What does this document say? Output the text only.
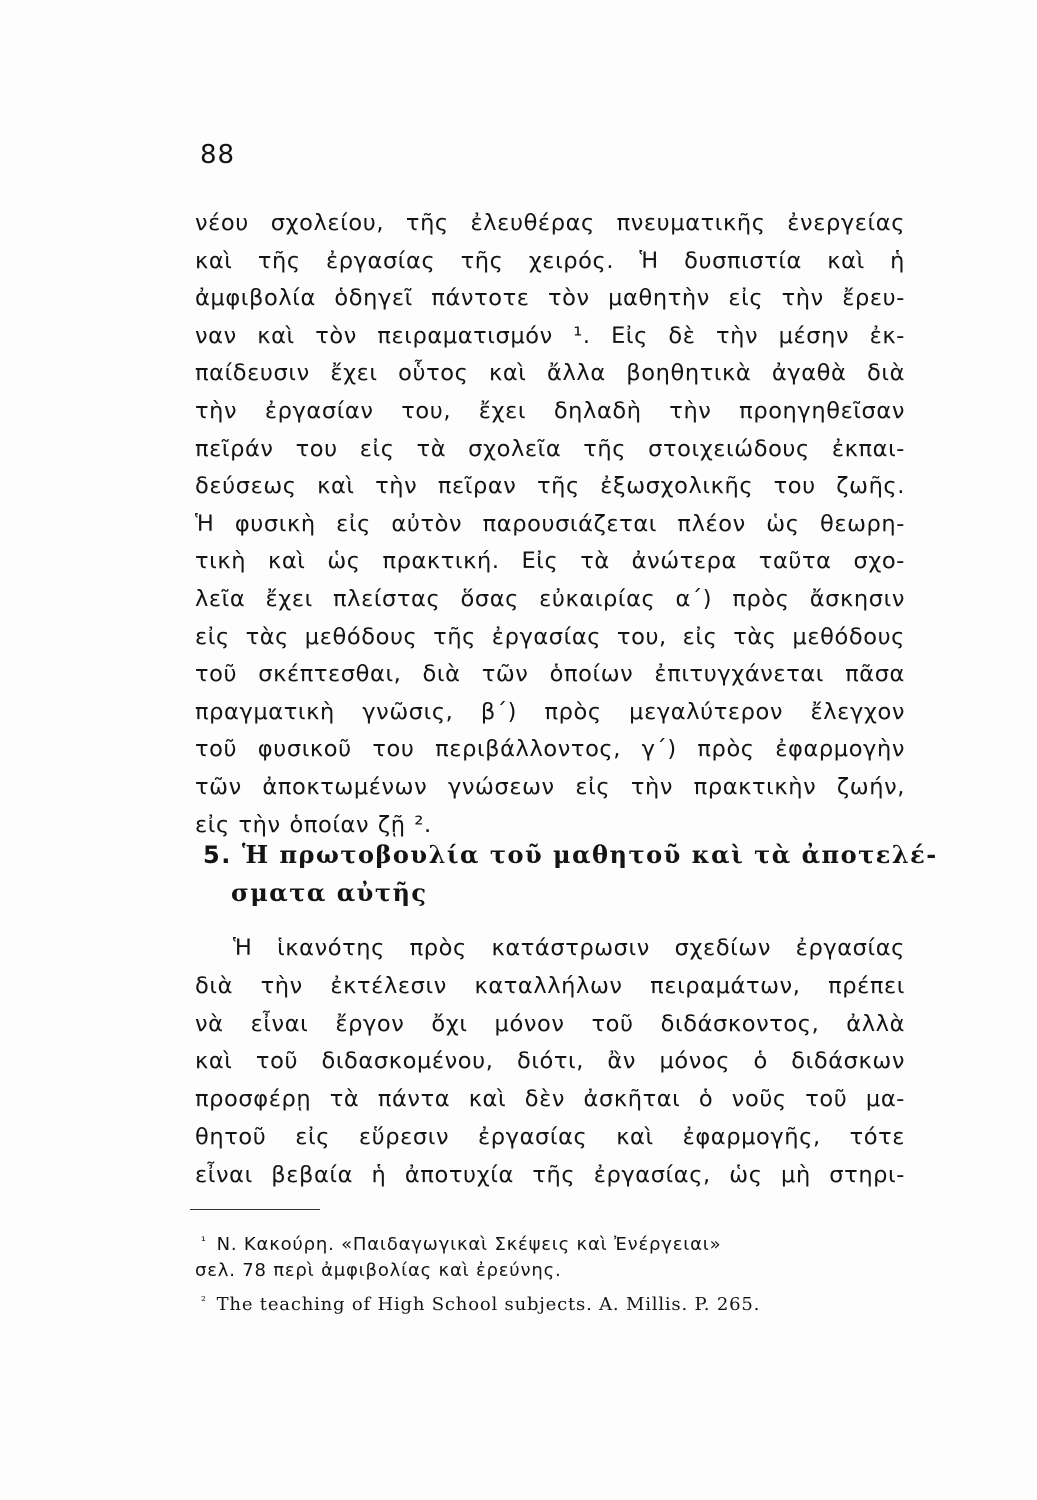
88
νέου σχολείου, τῆς ἐλευθέρας πνευματικῆς ἐνεργείας
καὶ τῆς ἐργασίας τῆς χειρός. Ἡ δυσπιστία καὶ ἡ
ἀμφιβολία ὁδηγεῖ πάντοτε τὸν μαθητὴν εἰς τὴν ἔρευ-
ναν καὶ τὸν πειραματισμόν ¹. Εἰς δὲ τὴν μέσην ἐκ-
παίδευσιν ἔχει οὗτος καὶ ἄλλα βοηθητικὰ ἀγαθὰ διὰ
τὴν ἐργασίαν του, ἔχει δηλαδὴ τὴν προηγηθεῖσαν
πεῖράν του εἰς τὰ σχολεῖα τῆς στοιχειώδους ἐκπαι-
δεύσεως καὶ τὴν πεῖραν τῆς ἐξωσχολικῆς του ζωῆς.
Ἡ φυσικὴ εἰς αὐτὸν παρουσιάζεται πλέον ὡς θεωρη-
τικὴ καὶ ὡς πρακτική. Εἰς τὰ ἀνώτερα ταῦτα σχο-
λεῖα ἔχει πλείστας ὅσας εὐκαιρίας α΄) πρὸς ἄσκησιν
εἰς τὰς μεθόδους τῆς ἐργασίας του, εἰς τὰς μεθόδους
τοῦ σκέπτεσθαι, διὰ τῶν ὁποίων ἐπιτυγχάνεται πᾶσα
πραγματικὴ γνῶσις, β΄) πρὸς μεγαλύτερον ἔλεγχον
τοῦ φυσικοῦ του περιβάλλοντος, γ΄) πρὸς ἐφαρμογὴν
τῶν ἀποκτωμένων γνώσεων εἰς τὴν πρακτικὴν ζωήν,
εἰς τὴν ὁποίαν ζῇ ².
5. Ἡ πρωτοβουλία τοῦ μαθητοῦ καὶ τὰ ἀποτελέ-
σματα αὐτῆς
Ἡ ἱκανότης πρὸς κατάστρωσιν σχεδίων ἐργασίας
διὰ τὴν ἐκτέλεσιν καταλλήλων πειραμάτων, πρέπει
νὰ εἶναι ἔργον ὄχι μόνον τοῦ διδάσκοντος, ἀλλὰ
καὶ τοῦ διδασκομένου, διότι, ἂν μόνος ὁ διδάσκων
προσφέρῃ τὰ πάντα καὶ δὲν ἀσκῆται ὁ νοῦς τοῦ μα-
θητοῦ εἰς εὕρεσιν ἐργασίας καὶ ἐφαρμογῆς, τότε
εἶναι βεβαία ἡ ἀποτυχία τῆς ἐργασίας, ὡς μὴ στηρι-
$^{^1}$ Ν. Κακούρη. «Παιδαγωγικαὶ Σκέψεις καὶ Ἐνέργειαι»
σελ. 78 περὶ ἀμφιβολίας καὶ ἐρεύνης.
$^{^2}$ The teaching of High School subjects. A. Millis. P. 265.
